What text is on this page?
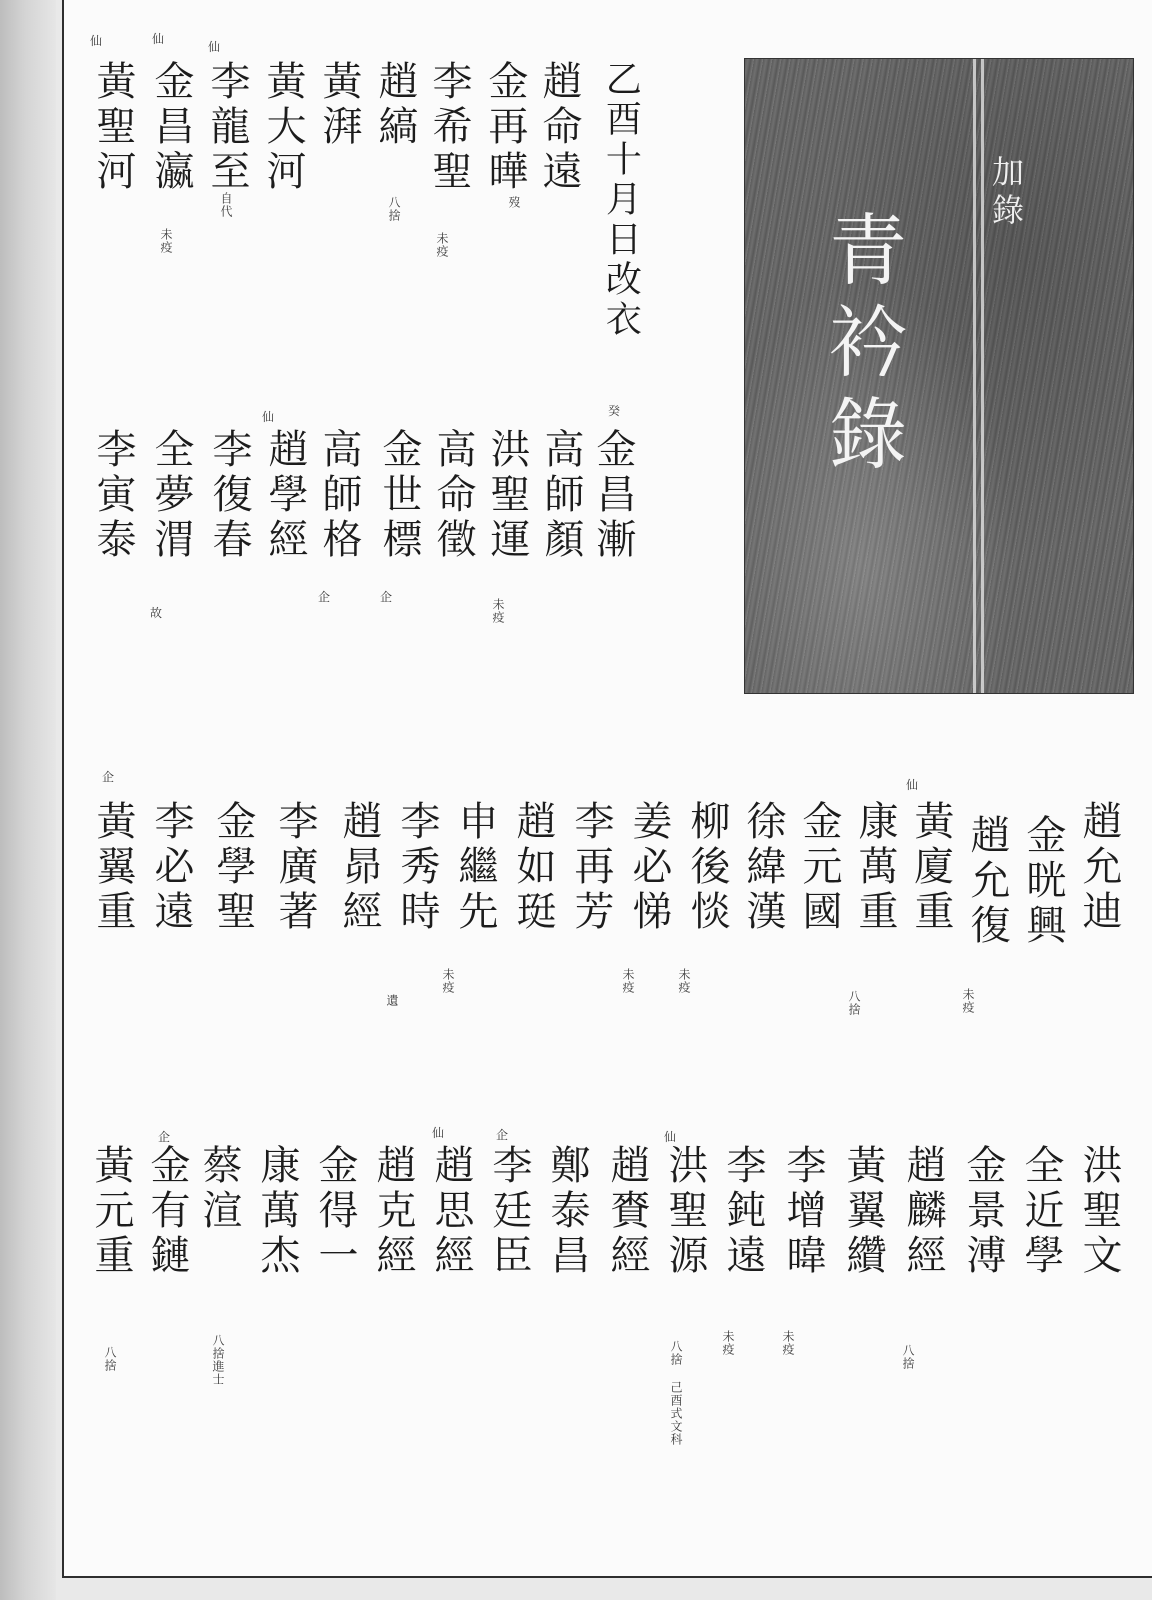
加錄
青衿錄
乙酉十月日改衣
趙命遠
金再曄
李希聖
趙縞
黃湃
黃大河
李龍至
金昌瀛
黃聖河
歿
未疫
八捨
自代
未疫
仙
仙
仙
金昌漸
高師顏
洪聖運
高命徵
金世標
高師格
趙學經
李復春
全夢渭
李寅泰
癸
未疫
企
企
仙
故
趙允迪
金晄興
趙允復
黃廈重
康萬重
金元國
徐緯漢
柳後惔
姜必悌
李再芳
趙如珽
申繼先
李秀時
趙昴經
李廣著
金學聖
李必遠
黃翼重
未疫
仙
八捨
未疫
未疫
未疫
遺
企
洪聖文
全近學
金景溥
趙麟經
黃翼纘
李增暐
李鈍遠
洪聖源
趙賚經
鄭泰昌
李廷臣
趙思經
趙克經
金得一
康萬杰
蔡渲
金有鏈
黃元重
八捨
未疫
未疫
仙
八捨 己酉式文科
企
仙
八捨進士
企
八捨
